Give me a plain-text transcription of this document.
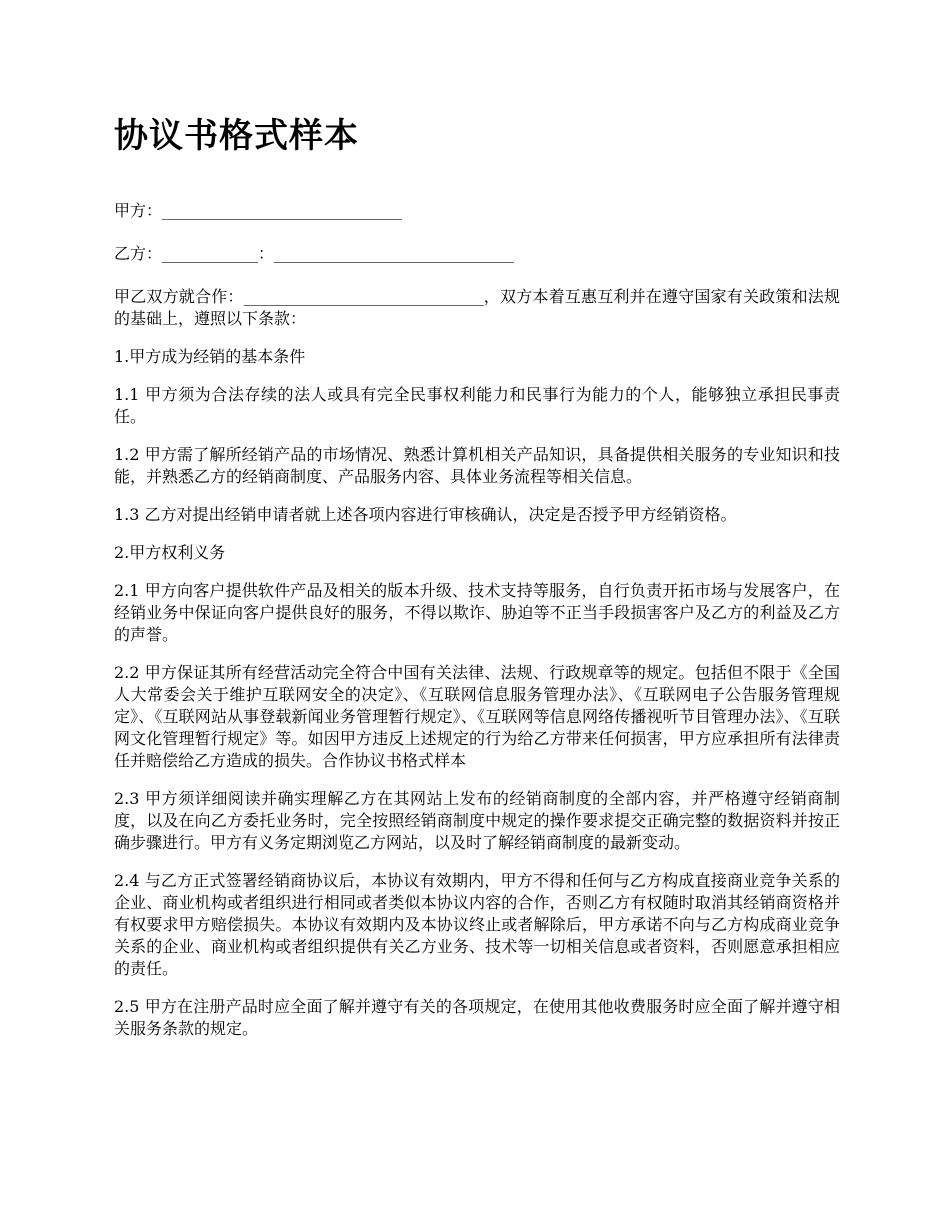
协议书格式样本

甲方：______________________________

乙方：____________：______________________________

甲乙双方就合作：______________________________，双方本着互惠互利并在遵守国家有关政策和法规的基础上，遵照以下条款：

1.甲方成为经销的基本条件

1.1 甲方须为合法存续的法人或具有完全民事权利能力和民事行为能力的个人，能够独立承担民事责任。

1.2 甲方需了解所经销产品的市场情况、熟悉计算机相关产品知识，具备提供相关服务的专业知识和技能，并熟悉乙方的经销商制度、产品服务内容、具体业务流程等相关信息。

1.3 乙方对提出经销申请者就上述各项内容进行审核确认，决定是否授予甲方经销资格。

2.甲方权利义务

2.1 甲方向客户提供软件产品及相关的版本升级、技术支持等服务，自行负责开拓市场与发展客户，在经销业务中保证向客户提供良好的服务，不得以欺诈、胁迫等不正当手段损害客户及乙方的利益及乙方的声誉。

2.2 甲方保证其所有经营活动完全符合中国有关法律、法规、行政规章等的规定。包括但不限于《全国人大常委会关于维护互联网安全的决定》、《互联网信息服务管理办法》、《互联网电子公告服务管理规定》、《互联网站从事登载新闻业务管理暂行规定》、《互联网等信息网络传播视听节目管理办法》、《互联网文化管理暂行规定》等。如因甲方违反上述规定的行为给乙方带来任何损害，甲方应承担所有法律责任并赔偿给乙方造成的损失。合作协议书格式样本

2.3 甲方须详细阅读并确实理解乙方在其网站上发布的经销商制度的全部内容，并严格遵守经销商制度，以及在向乙方委托业务时，完全按照经销商制度中规定的操作要求提交正确完整的数据资料并按正确步骤进行。甲方有义务定期浏览乙方网站，以及时了解经销商制度的最新变动。

2.4 与乙方正式签署经销商协议后，本协议有效期内，甲方不得和任何与乙方构成直接商业竞争关系的企业、商业机构或者组织进行相同或者类似本协议内容的合作，否则乙方有权随时取消其经销商资格并有权要求甲方赔偿损失。本协议有效期内及本协议终止或者解除后，甲方承诺不向与乙方构成商业竞争关系的企业、商业机构或者组织提供有关乙方业务、技术等一切相关信息或者资料，否则愿意承担相应的责任。

2.5 甲方在注册产品时应全面了解并遵守有关的各项规定，在使用其他收费服务时应全面了解并遵守相关服务条款的规定。
